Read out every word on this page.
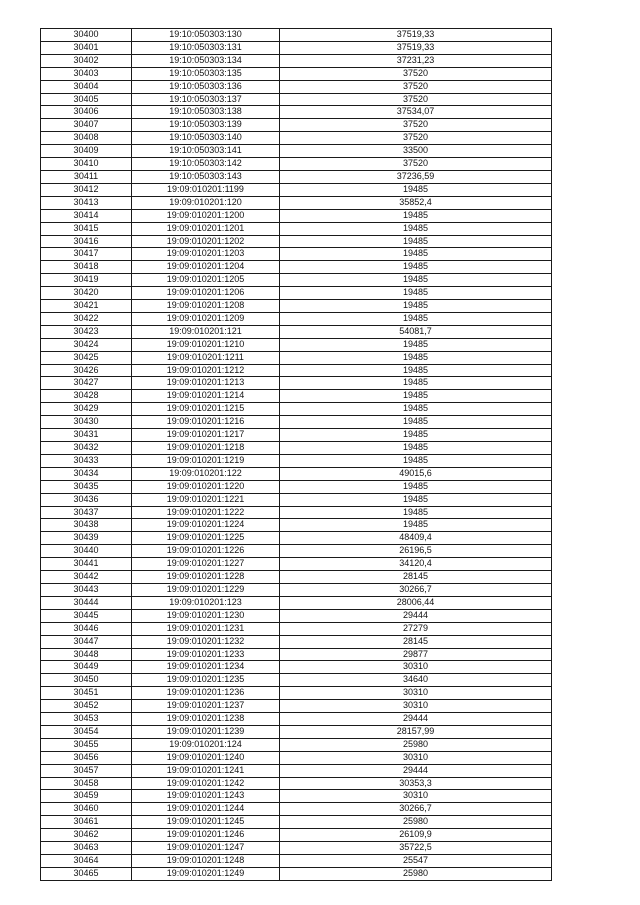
30400	19:10:050303:130	37519,33
30401	19:10:050303:131	37519,33
30402	19:10:050303:134	37231,23
30403	19:10:050303:135	37520
30404	19:10:050303:136	37520
30405	19:10:050303:137	37520
30406	19:10:050303:138	37534,07
30407	19:10:050303:139	37520
30408	19:10:050303:140	37520
30409	19:10:050303:141	33500
30410	19:10:050303:142	37520
30411	19:10:050303:143	37236,59
30412	19:09:010201:1199	19485
30413	19:09:010201:120	35852,4
30414	19:09:010201:1200	19485
30415	19:09:010201:1201	19485
30416	19:09:010201:1202	19485
30417	19:09:010201:1203	19485
30418	19:09:010201:1204	19485
30419	19:09:010201:1205	19485
30420	19:09:010201:1206	19485
30421	19:09:010201:1208	19485
30422	19:09:010201:1209	19485
30423	19:09:010201:121	54081,7
30424	19:09:010201:1210	19485
30425	19:09:010201:1211	19485
30426	19:09:010201:1212	19485
30427	19:09:010201:1213	19485
30428	19:09:010201:1214	19485
30429	19:09:010201:1215	19485
30430	19:09:010201:1216	19485
30431	19:09:010201:1217	19485
30432	19:09:010201:1218	19485
30433	19:09:010201:1219	19485
30434	19:09:010201:122	49015,6
30435	19:09:010201:1220	19485
30436	19:09:010201:1221	19485
30437	19:09:010201:1222	19485
30438	19:09:010201:1224	19485
30439	19:09:010201:1225	48409,4
30440	19:09:010201:1226	26196,5
30441	19:09:010201:1227	34120,4
30442	19:09:010201:1228	28145
30443	19:09:010201:1229	30266,7
30444	19:09:010201:123	28006,44
30445	19:09:010201:1230	29444
30446	19:09:010201:1231	27279
30447	19:09:010201:1232	28145
30448	19:09:010201:1233	29877
30449	19:09:010201:1234	30310
30450	19:09:010201:1235	34640
30451	19:09:010201:1236	30310
30452	19:09:010201:1237	30310
30453	19:09:010201:1238	29444
30454	19:09:010201:1239	28157,99
30455	19:09:010201:124	25980
30456	19:09:010201:1240	30310
30457	19:09:010201:1241	29444
30458	19:09:010201:1242	30353,3
30459	19:09:010201:1243	30310
30460	19:09:010201:1244	30266,7
30461	19:09:010201:1245	25980
30462	19:09:010201:1246	26109,9
30463	19:09:010201:1247	35722,5
30464	19:09:010201:1248	25547
30465	19:09:010201:1249	25980
